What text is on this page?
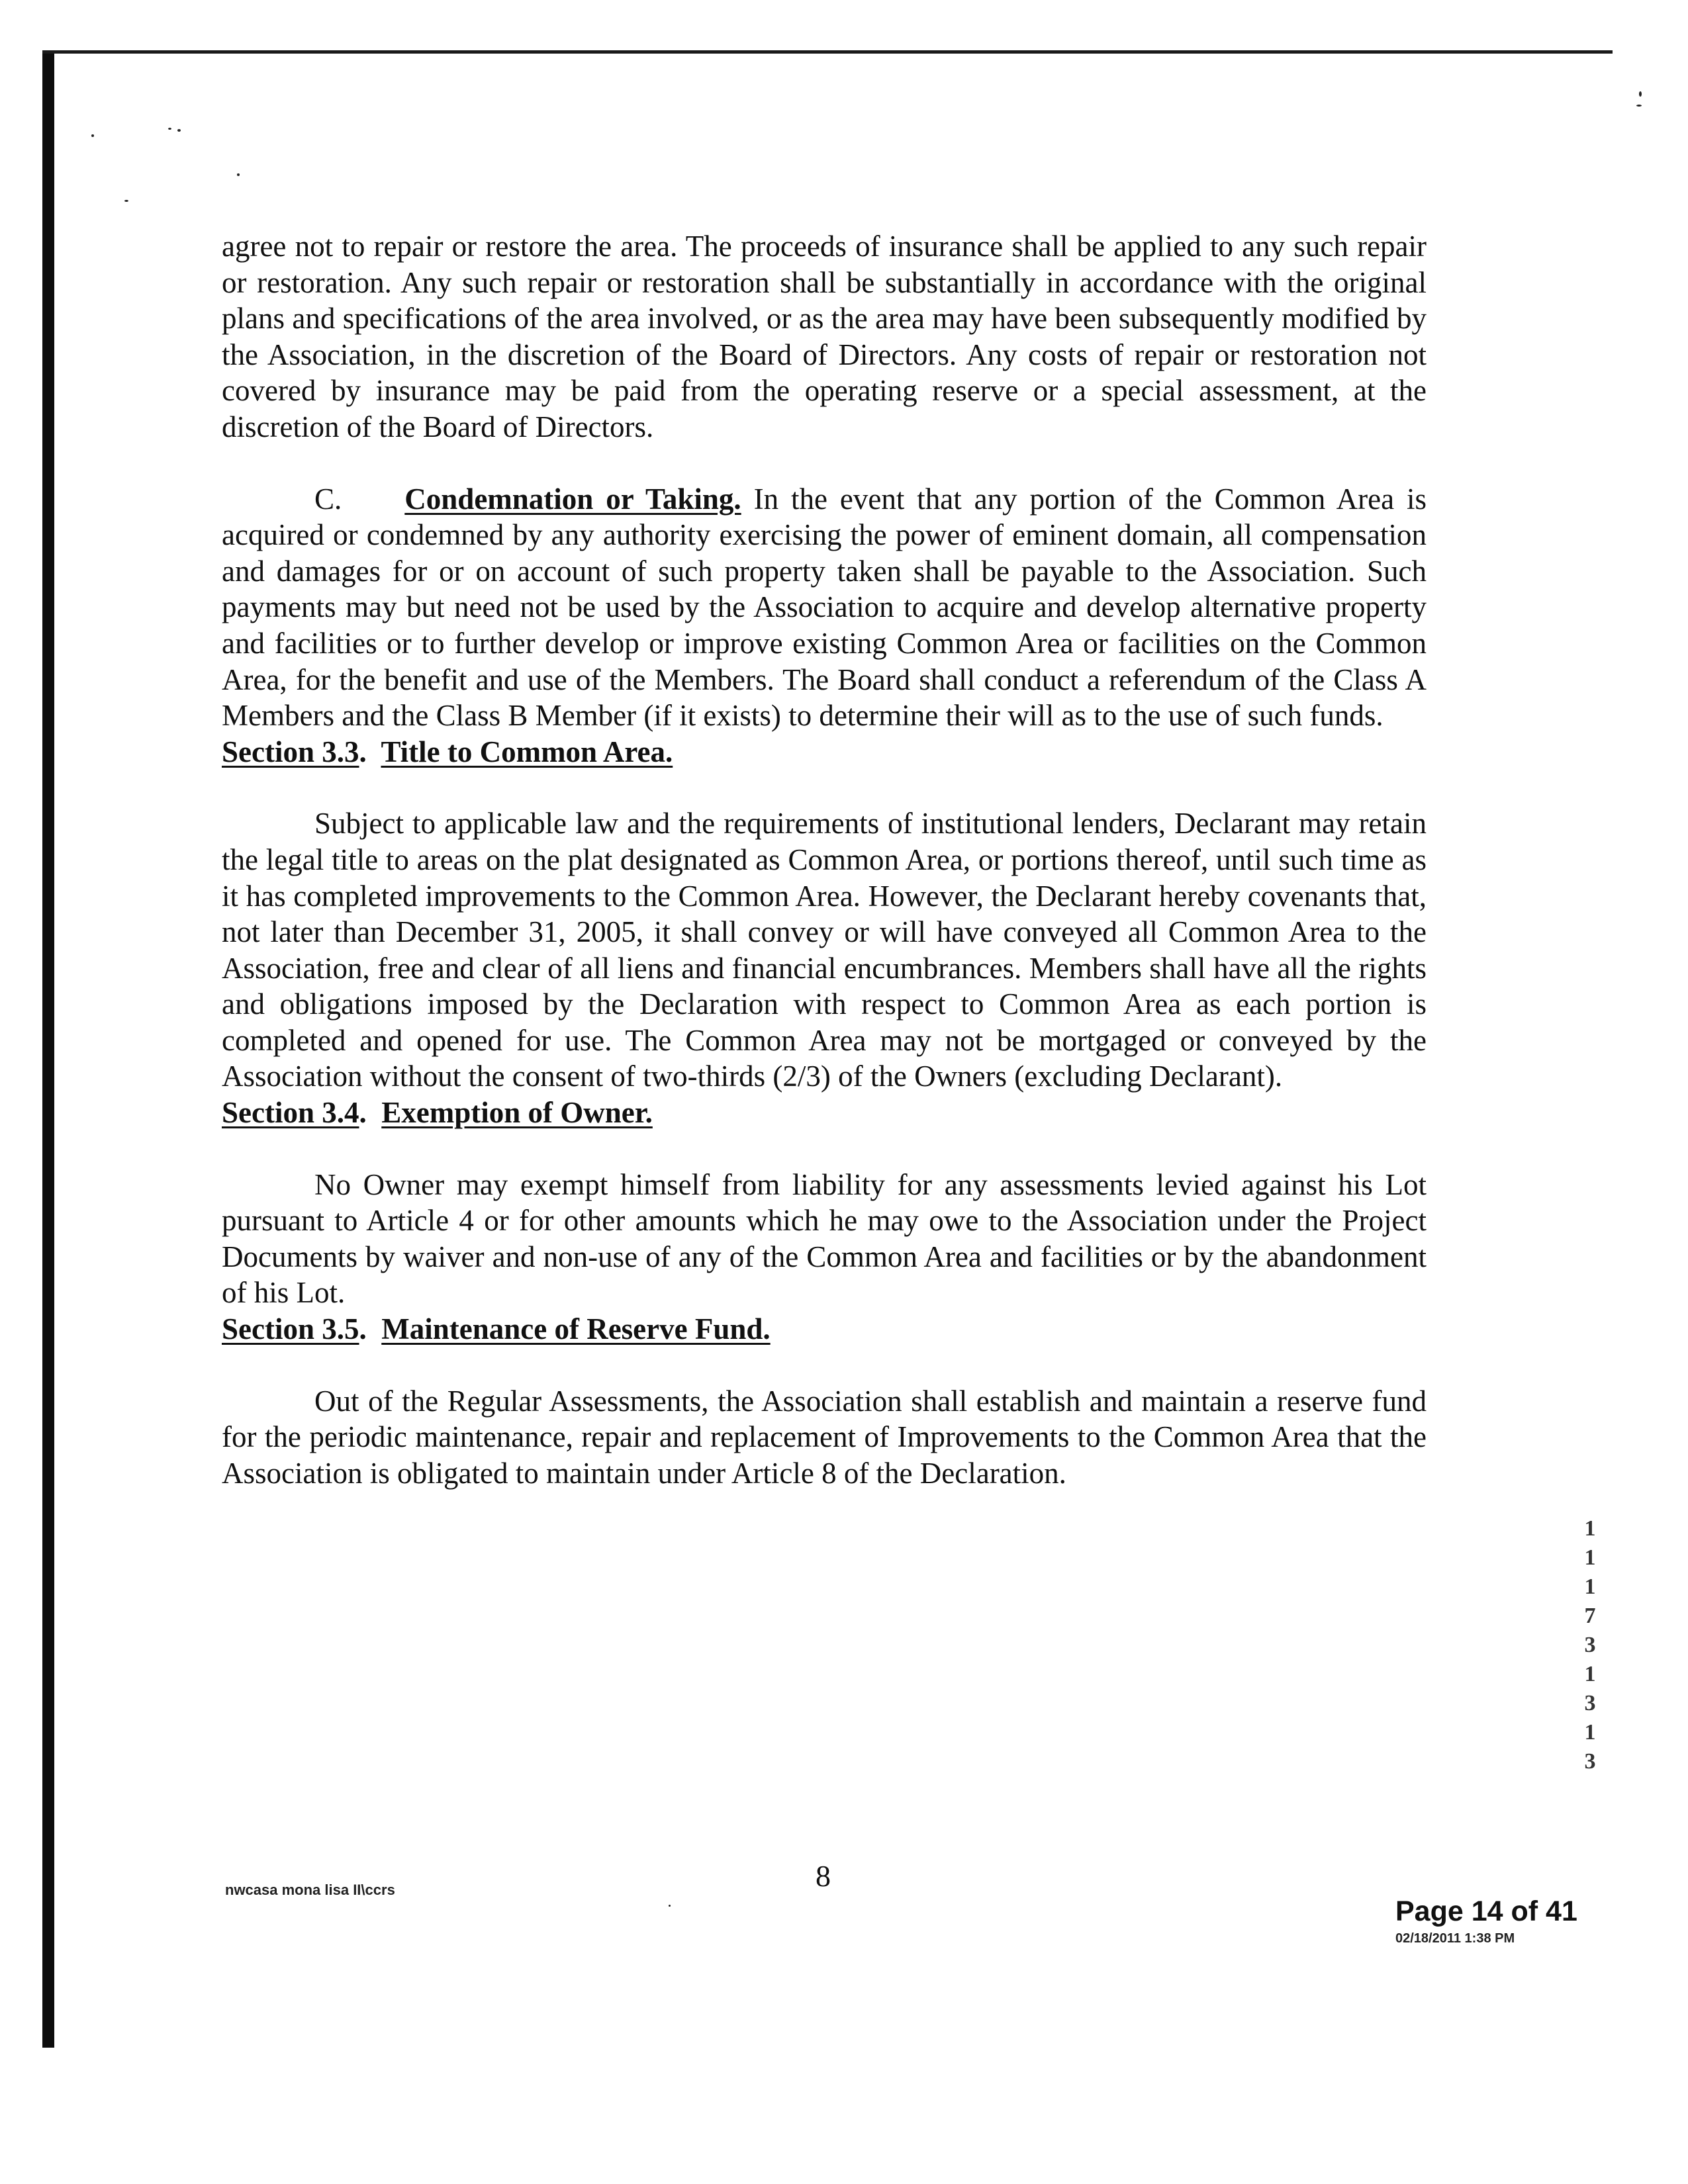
agree not to repair or restore the area. The proceeds of insurance shall be applied to any such repair or restoration. Any such repair or restoration shall be substantially in accordance with the original plans and specifications of the area involved, or as the area may have been subsequently modified by the Association, in the discretion of the Board of Directors. Any costs of repair or restoration not covered by insurance may be paid from the operating reserve or a special assessment, at the discretion of the Board of Directors.

C. Condemnation or Taking. In the event that any portion of the Common Area is acquired or condemned by any authority exercising the power of eminent domain, all compensation and damages for or on account of such property taken shall be payable to the Association. Such payments may but need not be used by the Association to acquire and develop alternative property and facilities or to further develop or improve existing Common Area or facilities on the Common Area, for the benefit and use of the Members. The Board shall conduct a referendum of the Class A Members and the Class B Member (if it exists) to determine their will as to the use of such funds.

Section 3.3.  Title to Common Area.

Subject to applicable law and the requirements of institutional lenders, Declarant may retain the legal title to areas on the plat designated as Common Area, or portions thereof, until such time as it has completed improvements to the Common Area. However, the Declarant hereby covenants that, not later than December 31, 2005, it shall convey or will have conveyed all Common Area to the Association, free and clear of all liens and financial encumbrances. Members shall have all the rights and obligations imposed by the Declaration with respect to Common Area as each portion is completed and opened for use. The Common Area may not be mortgaged or conveyed by the Association without the consent of two-thirds (2/3) of the Owners (excluding Declarant).

Section 3.4.  Exemption of Owner.

No Owner may exempt himself from liability for any assessments levied against his Lot pursuant to Article 4 or for other amounts which he may owe to the Association under the Project Documents by waiver and non-use of any of the Common Area and facilities or by the abandonment of his Lot.

Section 3.5.  Maintenance of Reserve Fund.

Out of the Regular Assessments, the Association shall establish and maintain a reserve fund for the periodic maintenance, repair and replacement of Improvements to the Common Area that the Association is obligated to maintain under Article 8 of the Declaration.

1
1
1
7
3
1
3
1
3
nwcasa mona lisa II\ccrs	8
Page 14 of 41
02/18/2011 1:38 PM
